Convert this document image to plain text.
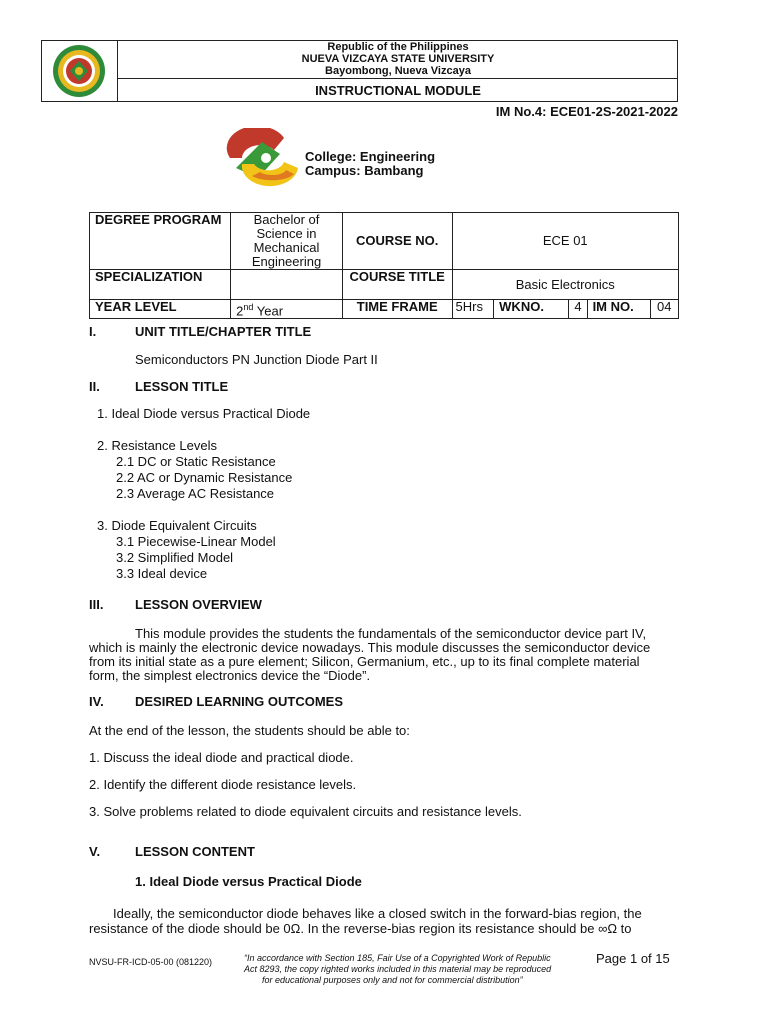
Republic of the Philippines
NUEVA VIZCAYA STATE UNIVERSITY
Bayombong, Nueva Vizcaya
INSTRUCTIONAL MODULE
IM No.4: ECE01-2S-2021-2022
College: Engineering
Campus: Bambang
DEGREE PROGRAM	Bachelor of Science in Mechanical Engineering	COURSE NO.	ECE 01				
SPECIALIZATION		COURSE TITLE	Basic Electronics				
YEAR LEVEL	2nd Year	TIME FRAME	5Hrs	WKNO.	4	IM NO.	04
I.	UNIT TITLE/CHAPTER TITLE
Semiconductors PN Junction Diode Part II
II.	LESSON TITLE
1. Ideal Diode versus Practical Diode
2. Resistance Levels
2.1 DC or Static Resistance
2.2 AC or Dynamic Resistance
2.3 Average AC Resistance
3. Diode Equivalent Circuits
3.1 Piecewise-Linear Model
3.2 Simplified Model
3.3 Ideal device
III. LESSON OVERVIEW
This module provides the students the fundamentals of the semiconductor device part IV,
which is mainly the electronic device nowadays. This module discusses the semiconductor device
from its initial state as a pure element; Silicon, Germanium, etc., up to its final complete material
form, the simplest electronics device the “Diode”.
IV. DESIRED LEARNING OUTCOMES
At the end of the lesson, the students should be able to:
1. Discuss the ideal diode and practical diode.
2. Identify the different diode resistance levels.
3. Solve problems related to diode equivalent circuits and resistance levels.
V.	LESSON CONTENT
1. Ideal Diode versus Practical Diode
Ideally, the semiconductor diode behaves like a closed switch in the forward-bias region, the
resistance of the diode should be 0Ω. In the reverse-bias region its resistance should be ∞Ω to
NVSU-FR-ICD-05-00 (081220)	“In accordance with Section 185, Fair Use of a Copyrighted Work of Republic
Act 8293, the copy righted works included in this material may be reproduced
for educational purposes only and not for commercial distribution”
Page 1 of 15
